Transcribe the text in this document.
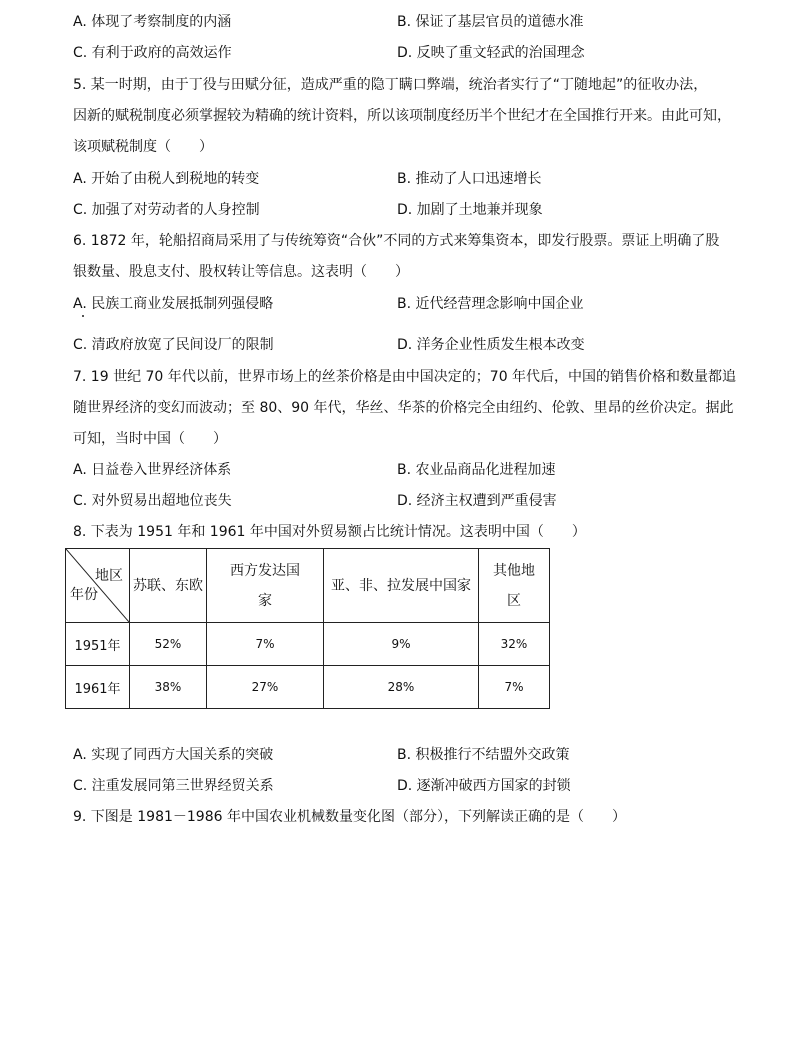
A. 体现了考察制度的内涵	B. 保证了基层官员的道德水准
C. 有利于政府的高效运作	D. 反映了重文轻武的治国理念
5. 某一时期，由于丁役与田赋分征，造成严重的隐丁瞒口弊端，统治者实行了“丁随地起”的征收办法，
因新的赋税制度必须掌握较为精确的统计资料，所以该项制度经历半个世纪才在全国推行开来。由此可知，
该项赋税制度（　　）
A. 开始了由税人到税地的转变	B. 推动了人口迅速增长
C. 加强了对劳动者的人身控制	D. 加剧了土地兼并现象
6. 1872 年，轮船招商局采用了与传统筹资“合伙”不同的方式来筹集资本，即发行股票。票证上明确了股
银数量、股息支付、股权转让等信息。这表明（　　）
A. 民族工商业发展抵制列强侵略	B. 近代经营理念影响中国企业
C. 清政府放宽了民间设厂的限制	D. 洋务企业性质发生根本改变
7. 19 世纪 70 年代以前，世界市场上的丝茶价格是由中国决定的；70 年代后，中国的销售价格和数量都追
随世界经济的变幻而波动；至 80、90 年代，华丝、华茶的价格完全由纽约、伦敦、里昂的丝价决定。据此
可知，当时中国（　　）
A. 日益卷入世界经济体系	B. 农业品商品化进程加速
C. 对外贸易出超地位丧失	D. 经济主权遭到严重侵害
8. 下表为 1951 年和 1961 年中国对外贸易额占比统计情况。这表明中国（　　）
地区
年份	苏联、东欧	西方发达国家	亚、非、拉发展中国家	其他地区
1951年	52%	7%	9%	32%
1961年	38%	27%	28%	7%
A. 实现了同西方大国关系的突破	B. 积极推行不结盟外交政策
C. 注重发展同第三世界经贸关系	D. 逐渐冲破西方国家的封锁
9. 下图是 1981－1986 年中国农业机械数量变化图（部分），下列解读正确的是（　　）
